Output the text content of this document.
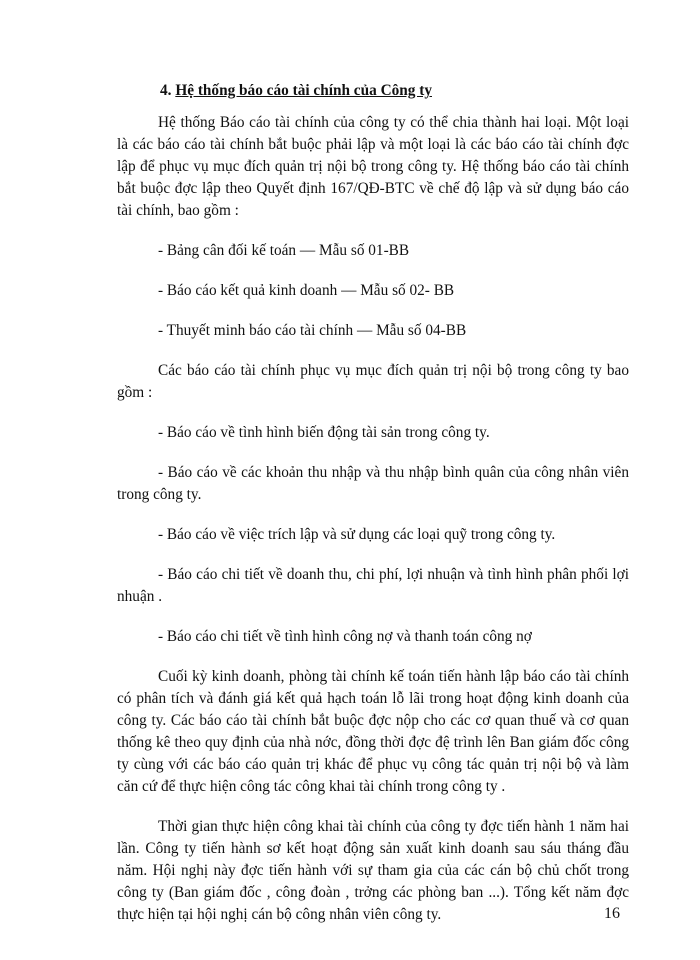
4. Hệ thống báo cáo tài chính của Công ty

Hệ thống Báo cáo tài chính của công ty có thể chia thành hai loại. Một loại là các báo cáo tài chính bắt buộc phải lập và một loại là các báo cáo tài chính đợc lập để phục vụ mục đích quản trị nội bộ trong công ty. Hệ thống báo cáo tài chính bắt buộc đợc lập theo Quyết định 167/QĐ-BTC về chế độ lập và sử dụng báo cáo tài chính, bao gồm :

- Bảng cân đối kế toán — Mẫu số 01-BB

- Báo cáo kết quả kinh doanh — Mẫu số 02- BB

- Thuyết minh báo cáo tài chính — Mẫu số 04-BB

Các báo cáo tài chính phục vụ mục đích quản trị nội bộ trong công ty bao gồm :

- Báo cáo về tình hình biến động tài sản trong công ty.

- Báo cáo về các khoản thu nhập và thu nhập bình quân của công nhân viên trong công ty.

- Báo cáo về việc trích lập và sử dụng các loại quỹ trong công ty.

- Báo cáo chi tiết về doanh thu, chi phí, lợi nhuận và tình hình phân phối lợi nhuận .

- Báo cáo chi tiết về tình hình công nợ và thanh toán công nợ

Cuối kỳ kinh doanh, phòng tài chính kế toán tiến hành lập báo cáo tài chính có phân tích và đánh giá kết quả hạch toán lỗ lãi trong hoạt động kinh doanh của công ty. Các báo cáo tài chính bắt buộc đợc nộp cho các cơ quan thuế và cơ quan thống kê theo quy định của nhà nớc, đồng thời đợc đệ trình lên Ban giám đốc công ty cùng với các báo cáo quản trị khác để phục vụ công tác quản trị nội bộ và làm căn cứ để thực hiện công tác công khai tài chính trong công ty .

Thời gian thực hiện công khai tài chính của công ty đợc tiến hành 1 năm hai lần. Công ty tiến hành sơ kết hoạt động sản xuất kinh doanh sau sáu tháng đầu năm. Hội nghị này đợc tiến hành với sự tham gia của các cán bộ chủ chốt trong công ty (Ban giám đốc , công đoàn , trởng các phòng ban ...). Tổng kết năm đợc thực hiện tại hội nghị cán bộ công nhân viên công ty.	16
